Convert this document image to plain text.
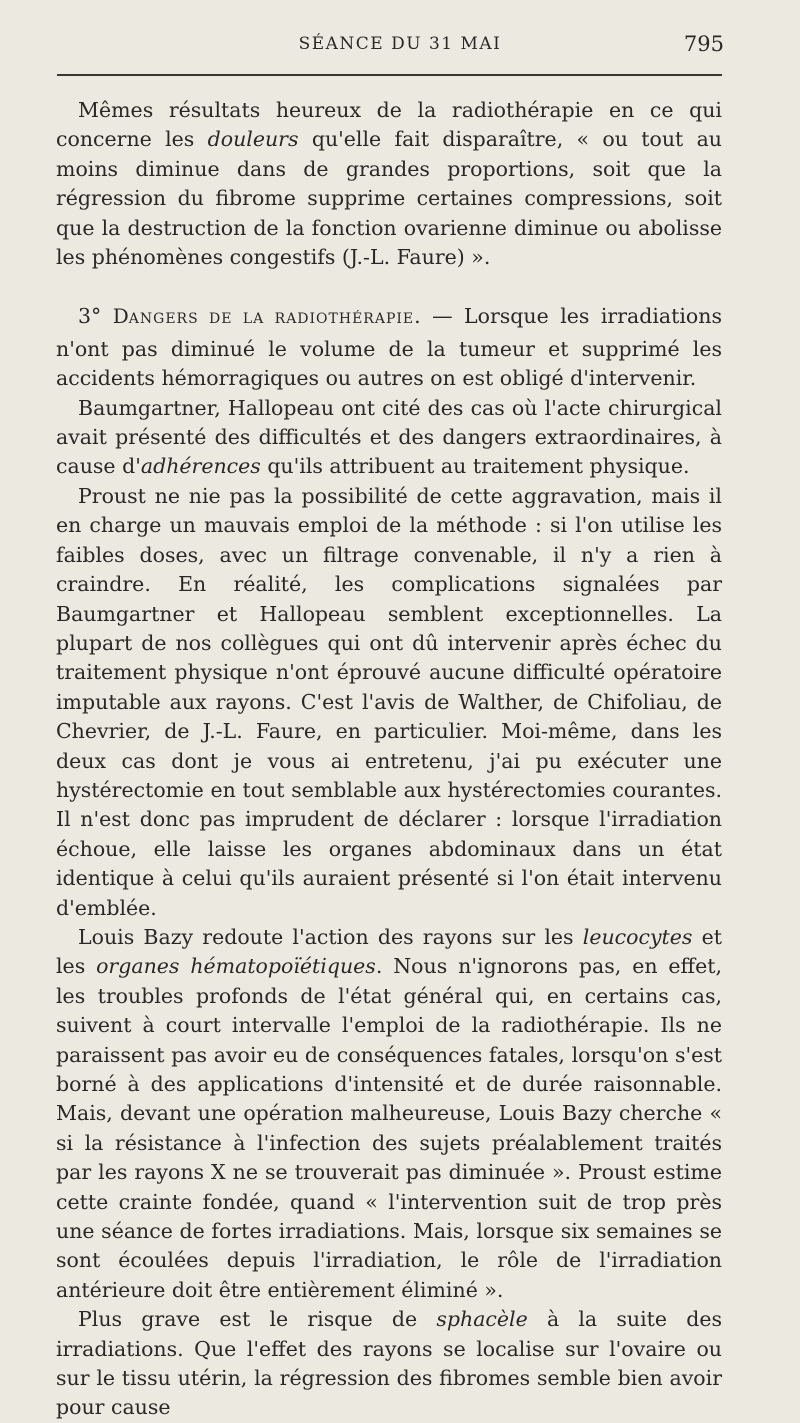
SÉANCE DU 31 MAI	795

Mêmes résultats heureux de la radiothérapie en ce qui concerne les douleurs qu'elle fait disparaître, « ou tout au moins diminue dans de grandes proportions, soit que la régression du fibrome supprime certaines compressions, soit que la destruction de la fonction ovarienne diminue ou abolisse les phénomènes congestifs (J.-L. Faure) ».

3° DANGERS DE LA RADIOTHÉRAPIE. — Lorsque les irradiations n'ont pas diminué le volume de la tumeur et supprimé les accidents hémorragiques ou autres on est obligé d'intervenir.

Baumgartner, Hallopeau ont cité des cas où l'acte chirurgical avait présenté des difficultés et des dangers extraordinaires, à cause d'adhérences qu'ils attribuent au traitement physique.

Proust ne nie pas la possibilité de cette aggravation, mais il en charge un mauvais emploi de la méthode : si l'on utilise les faibles doses, avec un filtrage convenable, il n'y a rien à craindre. En réalité, les complications signalées par Baumgartner et Hallopeau semblent exceptionnelles. La plupart de nos collègues qui ont dû intervenir après échec du traitement physique n'ont éprouvé aucune difficulté opératoire imputable aux rayons. C'est l'avis de Walther, de Chifoliau, de Chevrier, de J.-L. Faure, en particulier. Moi-même, dans les deux cas dont je vous ai entretenu, j'ai pu exécuter une hystérectomie en tout semblable aux hystérectomies courantes. Il n'est donc pas imprudent de déclarer : lorsque l'irradiation échoue, elle laisse les organes abdominaux dans un état identique à celui qu'ils auraient présenté si l'on était intervenu d'emblée.

Louis Bazy redoute l'action des rayons sur les leucocytes et les organes hématopoïétiques. Nous n'ignorons pas, en effet, les troubles profonds de l'état général qui, en certains cas, suivent à court intervalle l'emploi de la radiothérapie. Ils ne paraissent pas avoir eu de conséquences fatales, lorsqu'on s'est borné à des applications d'intensité et de durée raisonnable. Mais, devant une opération malheureuse, Louis Bazy cherche « si la résistance à l'infection des sujets préalablement traités par les rayons X ne se trouverait pas diminuée ». Proust estime cette crainte fondée, quand « l'intervention suit de trop près une séance de fortes irradiations. Mais, lorsque six semaines se sont écoulées depuis l'irradiation, le rôle de l'irradiation antérieure doit être entièrement éliminé ».

Plus grave est le risque de sphacèle à la suite des irradiations. Que l'effet des rayons se localise sur l'ovaire ou sur le tissu utérin, la régression des fibromes semble bien avoir pour cause
